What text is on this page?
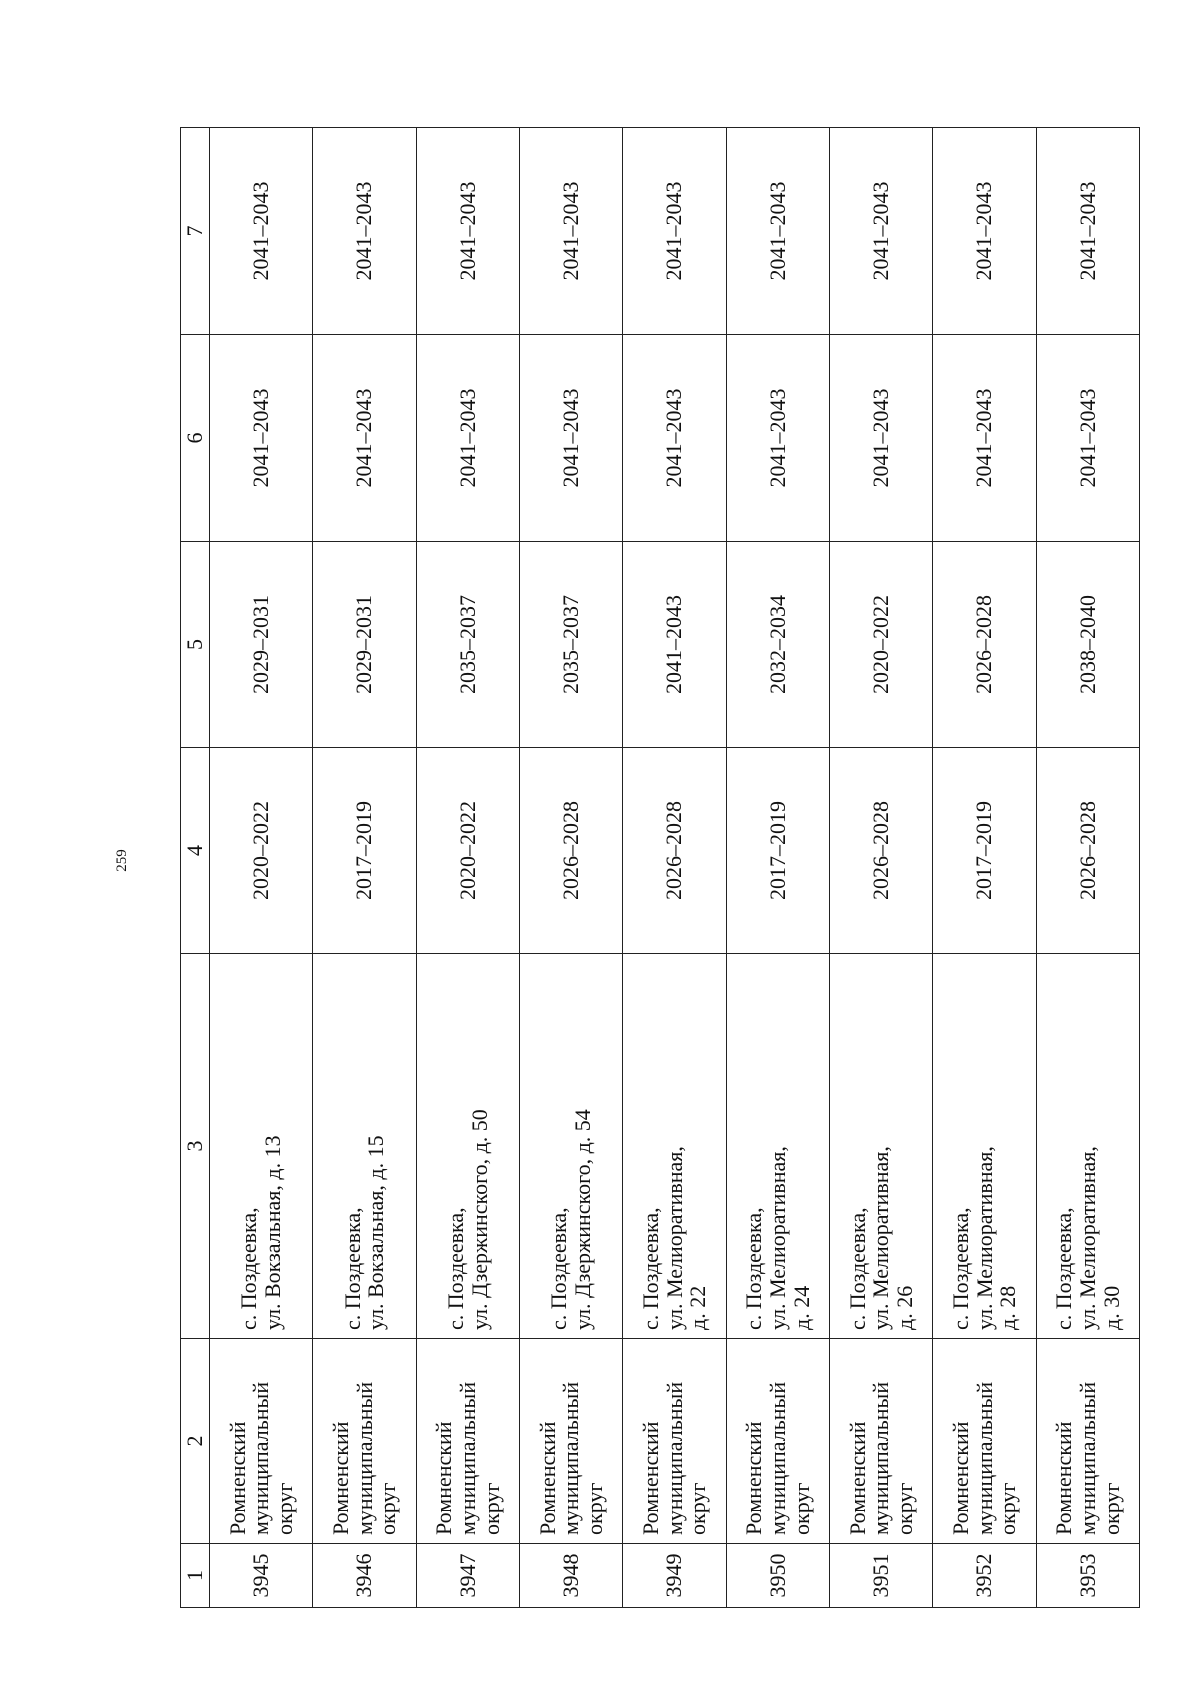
259
1	2	3	4	5	6	7
3945	Ромненский
муниципальный
округ	с. Поздеевка,
ул. Вокзальная, д. 13	2020–2022	2029–2031	2041–2043	2041–2043
3946	Ромненский
муниципальный
округ	с. Поздеевка,
ул. Вокзальная, д. 15	2017–2019	2029–2031	2041–2043	2041–2043
3947	Ромненский
муниципальный
округ	с. Поздеевка,
ул. Дзержинского, д. 50	2020–2022	2035–2037	2041–2043	2041–2043
3948	Ромненский
муниципальный
округ	с. Поздеевка,
ул. Дзержинского, д. 54	2026–2028	2035–2037	2041–2043	2041–2043
3949	Ромненский
муниципальный
округ	с. Поздеевка,
ул. Мелиоративная,
д. 22	2026–2028	2041–2043	2041–2043	2041–2043
3950	Ромненский
муниципальный
округ	с. Поздеевка,
ул. Мелиоративная,
д. 24	2017–2019	2032–2034	2041–2043	2041–2043
3951	Ромненский
муниципальный
округ	с. Поздеевка,
ул. Мелиоративная,
д. 26	2026–2028	2020–2022	2041–2043	2041–2043
3952	Ромненский
муниципальный
округ	с. Поздеевка,
ул. Мелиоративная,
д. 28	2017–2019	2026–2028	2041–2043	2041–2043
3953	Ромненский
муниципальный
округ	с. Поздеевка,
ул. Мелиоративная,
д. 30	2026–2028	2038–2040	2041–2043	2041–2043
